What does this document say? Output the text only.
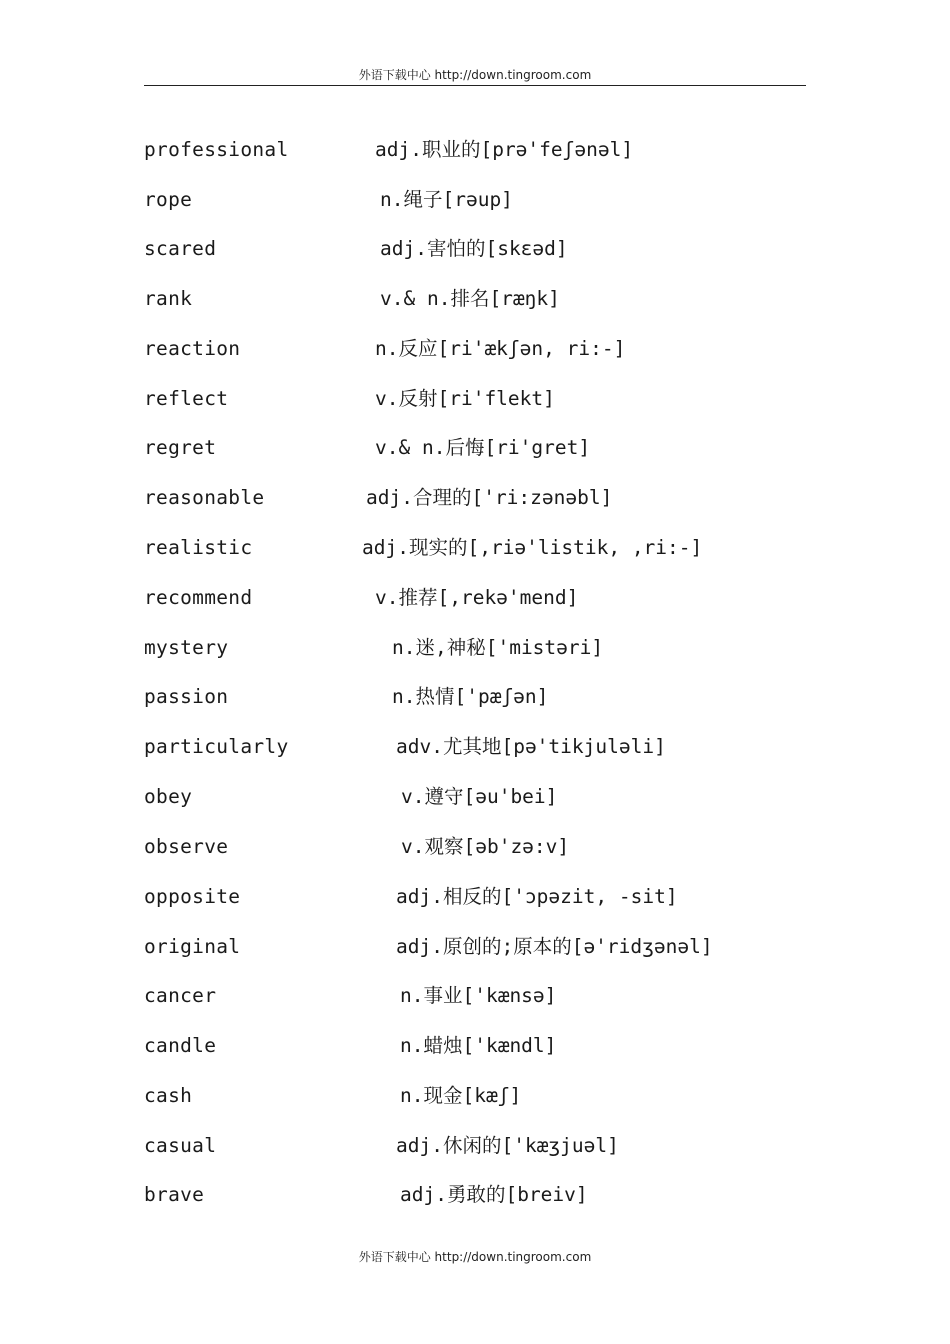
外语下载中心 http://down.tingroom.com
professional	adj.职业的[prə'feʃənəl]
rope	n.绳子[rəup]
scared	adj.害怕的[skɛəd]
rank	v.& n.排名[ræŋk]
reaction	n.反应[ri'ækʃən, ri:-]
reflect	v.反射[ri'flekt]
regret	v.& n.后悔[ri'gret]
reasonable	adj.合理的['ri:zənəbl]
realistic	adj.现实的[,riə'listik, ,ri:-]
recommend	v.推荐[,rekə'mend]
mystery	n.迷,神秘['mistəri]
passion	n.热情['pæʃən]
particularly	adv.尤其地[pə'tikjuləli]
obey	v.遵守[əu'bei]
observe	v.观察[əb'zə:v]
opposite	adj.相反的['ɔpəzit, -sit]
original	adj.原创的;原本的[ə'ridʒənəl]
cancer	n.事业['kænsə]
candle	n.蜡烛['kændl]
cash	n.现金[kæʃ]
casual	adj.休闲的['kæʒjuəl]
brave	adj.勇敢的[breiv]
外语下载中心 http://down.tingroom.com
